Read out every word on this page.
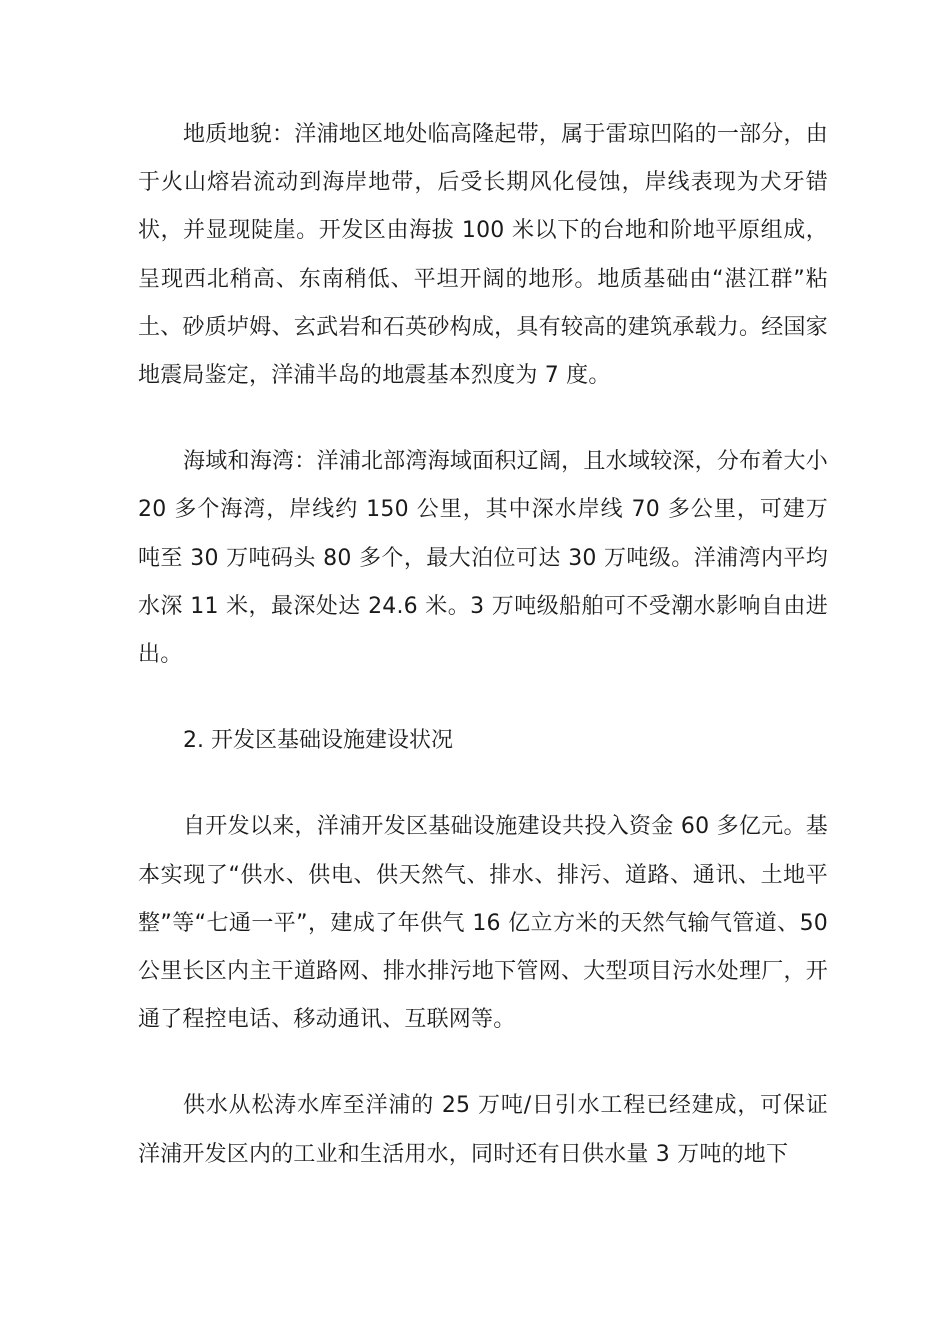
地质地貌：洋浦地区地处临高隆起带，属于雷琼凹陷的一部分，由于火山熔岩流动到海岸地带，后受长期风化侵蚀，岸线表现为犬牙错状，并显现陡崖。开发区由海拔 100 米以下的台地和阶地平原组成，呈现西北稍高、东南稍低、平坦开阔的地形。地质基础由“湛江群”粘土、砂质垆姆、玄武岩和石英砂构成，具有较高的建筑承载力。经国家地震局鉴定，洋浦半岛的地震基本烈度为 7 度。

海域和海湾：洋浦北部湾海域面积辽阔，且水域较深，分布着大小 20 多个海湾，岸线约 150 公里，其中深水岸线 70 多公里，可建万吨至 30 万吨码头 80 多个，最大泊位可达 30 万吨级。洋浦湾内平均水深 11 米，最深处达 24.6 米。3 万吨级船舶可不受潮水影响自由进出。

2. 开发区基础设施建设状况

自开发以来，洋浦开发区基础设施建设共投入资金 60 多亿元。基本实现了“供水、供电、供天然气、排水、排污、道路、通讯、土地平整”等“七通一平”，建成了年供气 16 亿立方米的天然气输气管道、50 公里长区内主干道路网、排水排污地下管网、大型项目污水处理厂，开通了程控电话、移动通讯、互联网等。

供水从松涛水库至洋浦的 25 万吨/日引水工程已经建成，可保证洋浦开发区内的工业和生活用水，同时还有日供水量 3 万吨的地下
